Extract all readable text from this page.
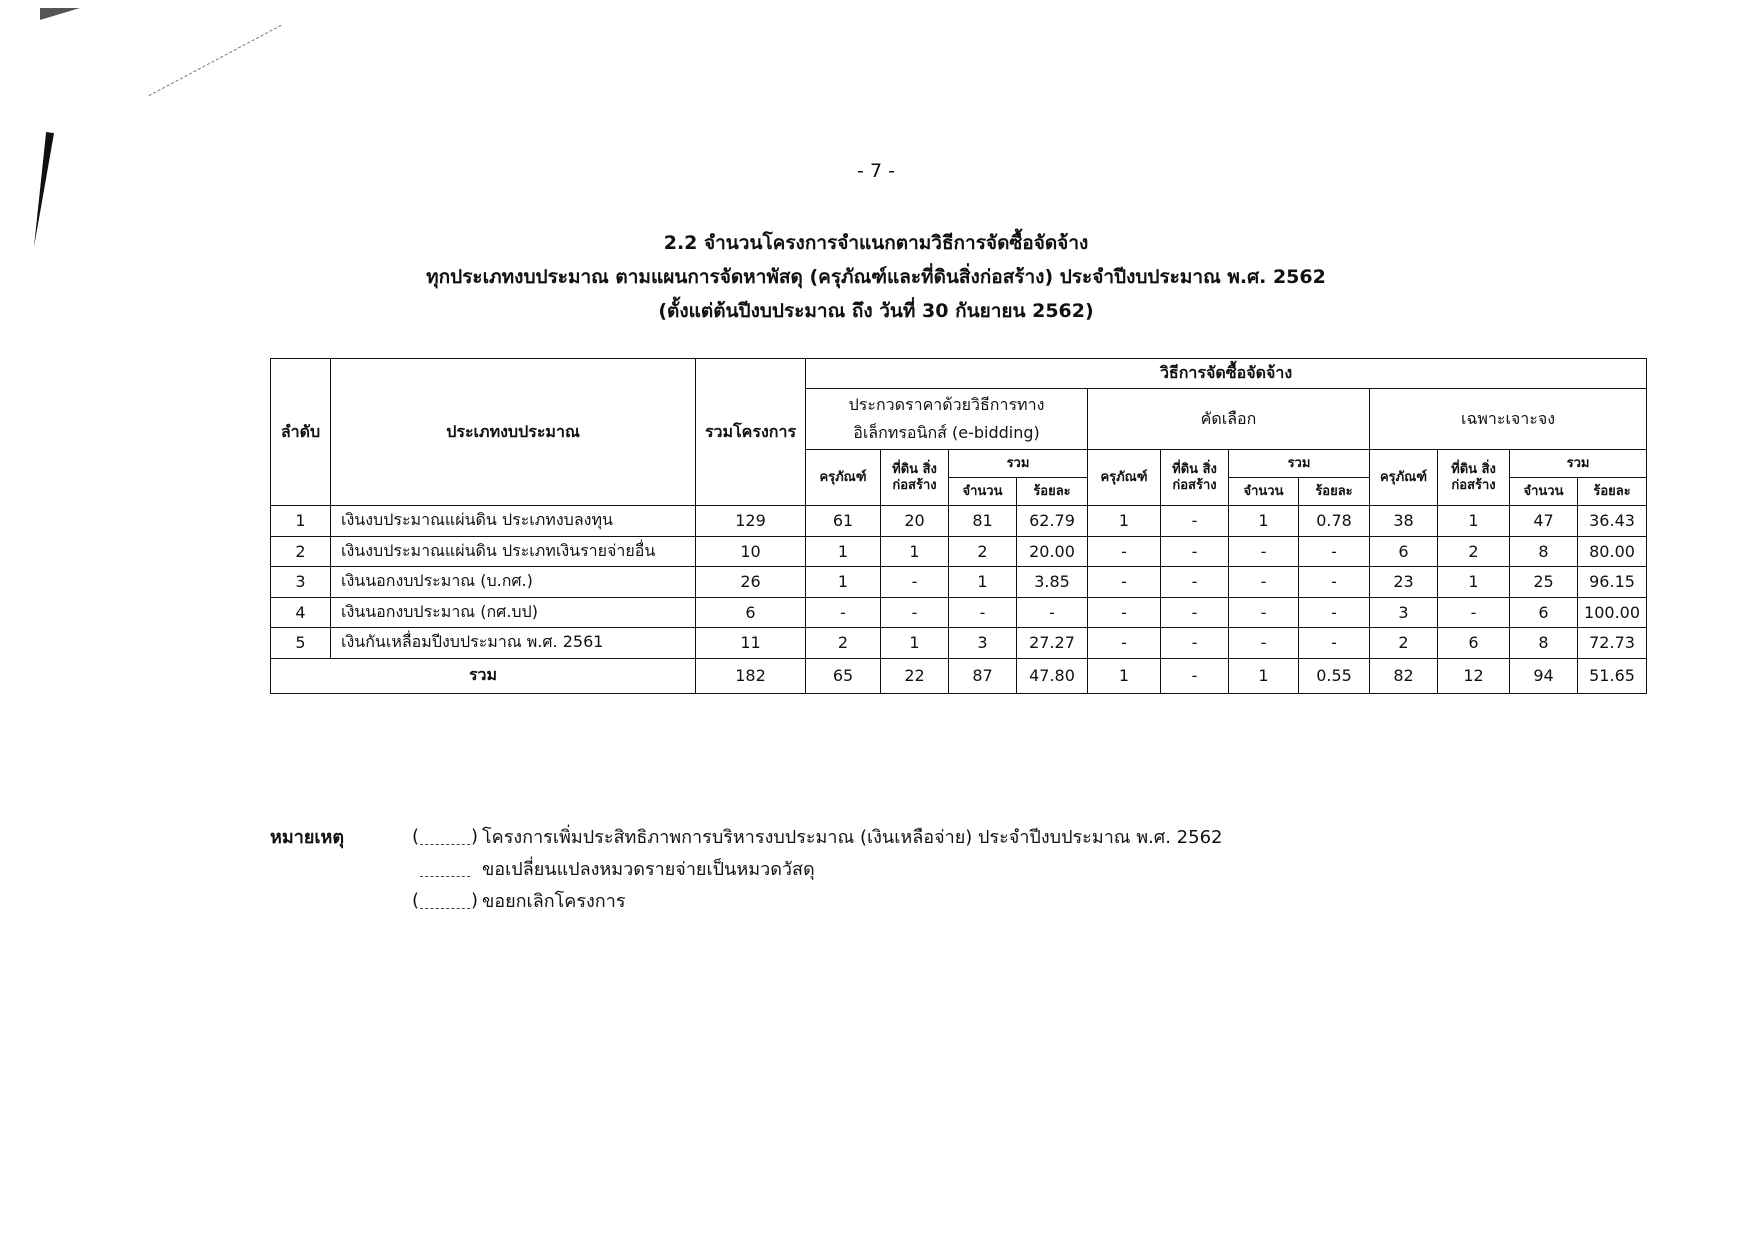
- 7 -
2.2 จำนวนโครงการจำแนกตามวิธีการจัดซื้อจัดจ้าง
ทุกประเภทงบประมาณ ตามแผนการจัดหาพัสดุ (ครุภัณฑ์และที่ดินสิ่งก่อสร้าง) ประจำปีงบประมาณ พ.ศ. 2562
(ตั้งแต่ต้นปีงบประมาณ ถึง วันที่ 30 กันยายน 2562)
ลำดับ	ประเภทงบประมาณ	รวมโครงการ	วิธีการจัดซื้อจัดจ้าง											
			ประกวดราคาด้วยวิธีการทาง อิเล็กทรอนิกส์ (e-bidding)				คัดเลือก				เฉพาะเจาะจง			
			ครุภัณฑ์	ที่ดิน สิ่งก่อสร้าง	รวม		ครุภัณฑ์	ที่ดิน สิ่งก่อสร้าง	รวม		ครุภัณฑ์	ที่ดิน สิ่งก่อสร้าง	รวม	
					จำนวน	ร้อยละ			จำนวน	ร้อยละ			จำนวน	ร้อยละ
1	เงินงบประมาณแผ่นดิน ประเภทงบลงทุน	129	61	20	81	62.79	1	-	1	0.78	38	1	47	36.43
2	เงินงบประมาณแผ่นดิน ประเภทเงินรายจ่ายอื่น	10	1	1	2	20.00	-	-	-	-	6	2	8	80.00
3	เงินนอกงบประมาณ (บ.กศ.)	26	1	-	1	3.85	-	-	-	-	23	1	25	96.15
4	เงินนอกงบประมาณ (กศ.บป)	6	-	-	-	-	-	-	-	-	3	-	6	100.00
5	เงินกันเหลื่อมปีงบประมาณ พ.ศ. 2561	11	2	1	3	27.27	-	-	-	-	2	6	8	72.73
รวม		182	65	22	87	47.80	1	-	1	0.55	82	12	94	51.65
หมายเหตุ	(	) โครงการเพิ่มประสิทธิภาพการบริหารงบประมาณ (เงินเหลือจ่าย) ประจำปีงบประมาณ พ.ศ. 2562
ขอเปลี่ยนแปลงหมวดรายจ่ายเป็นหมวดวัสดุ
(	) ขอยกเลิกโครงการ
